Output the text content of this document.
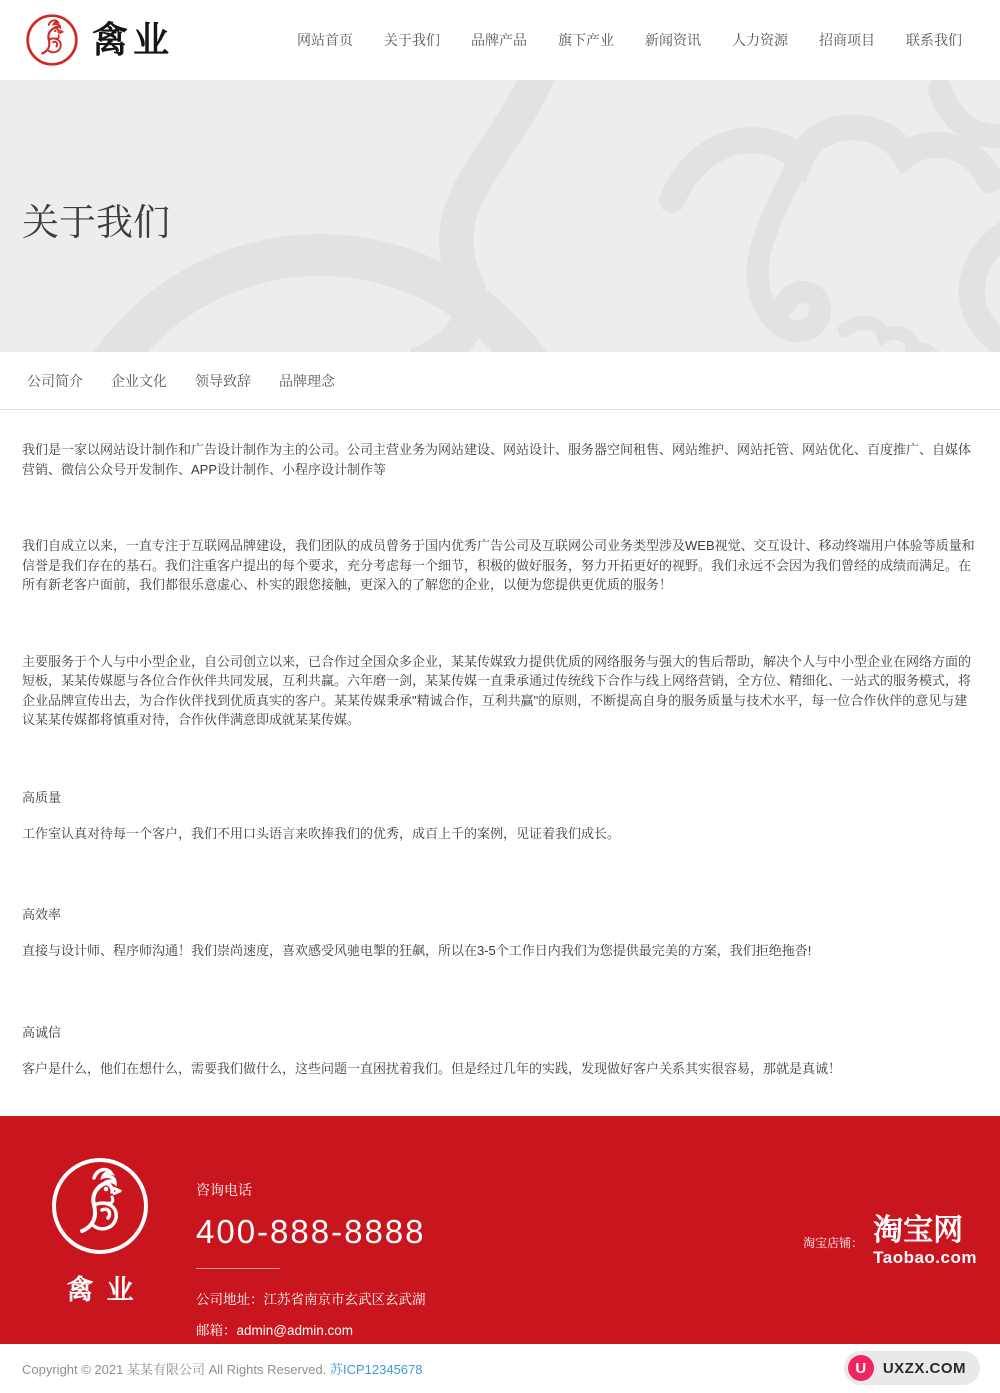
禽业	网站首页 关于我们 品牌产品 旗下产业 新闻资讯 人力资源 招商项目 联系我们
关于我们
公司简介 企业文化 领导致辞 品牌理念

我们是一家以网站设计制作和广告设计制作为主的公司。公司主营业务为网站建设、网站设计、服务器空间租售、网站维护、网站托管、网站优化、百度推广、自媒体营销、微信公众号开发制作、APP设计制作、小程序设计制作等

我们自成立以来，一直专注于互联网品牌建设，我们团队的成员曾务于国内优秀广告公司及互联网公司业务类型涉及WEB视觉、交互设计、移动终端用户体验等质量和信誉是我们存在的基石。我们注重客户提出的每个要求，充分考虑每一个细节，积极的做好服务，努力开拓更好的视野。我们永远不会因为我们曾经的成绩而满足。在所有新老客户面前，我们都很乐意虚心、朴实的跟您接触，更深入的了解您的企业，以便为您提供更优质的服务！

主要服务于个人与中小型企业，自公司创立以来，已合作过全国众多企业，某某传媒致力提供优质的网络服务与强大的售后帮助，解决个人与中小型企业在网络方面的短板，某某传媒愿与各位合作伙伴共同发展，互利共赢。六年磨一剑，某某传媒一直秉承通过传统线下合作与线上网络营销，全方位、精细化、一站式的服务模式，将企业品牌宣传出去，为合作伙伴找到优质真实的客户。某某传媒秉承"精诚合作，互利共赢"的原则，不断提高自身的服务质量与技术水平，每一位合作伙伴的意见与建议某某传媒都将慎重对待，合作伙伴满意即成就某某传媒。

高质量

工作室认真对待每一个客户，我们不用口头语言来吹捧我们的优秀，成百上千的案例，见证着我们成长。

高效率

直接与设计师、程序师沟通！我们崇尚速度，喜欢感受风驰电掣的狂飙，所以在3-5个工作日内我们为您提供最完美的方案，我们拒绝拖沓!

高诚信

客户是什么，他们在想什么，需要我们做什么，这些问题一直困扰着我们。但是经过几年的实践，发现做好客户关系其实很容易，那就是真诚！

禽业
咨询电话
400-888-8888
公司地址：江苏省南京市玄武区玄武湖
邮箱：admin@admin.com
淘宝店铺： 淘宝网
Taobao.com
Copyright © 2021 某某有限公司 All Rights Reserved. 苏ICP12345678	U	UXZX.COM
